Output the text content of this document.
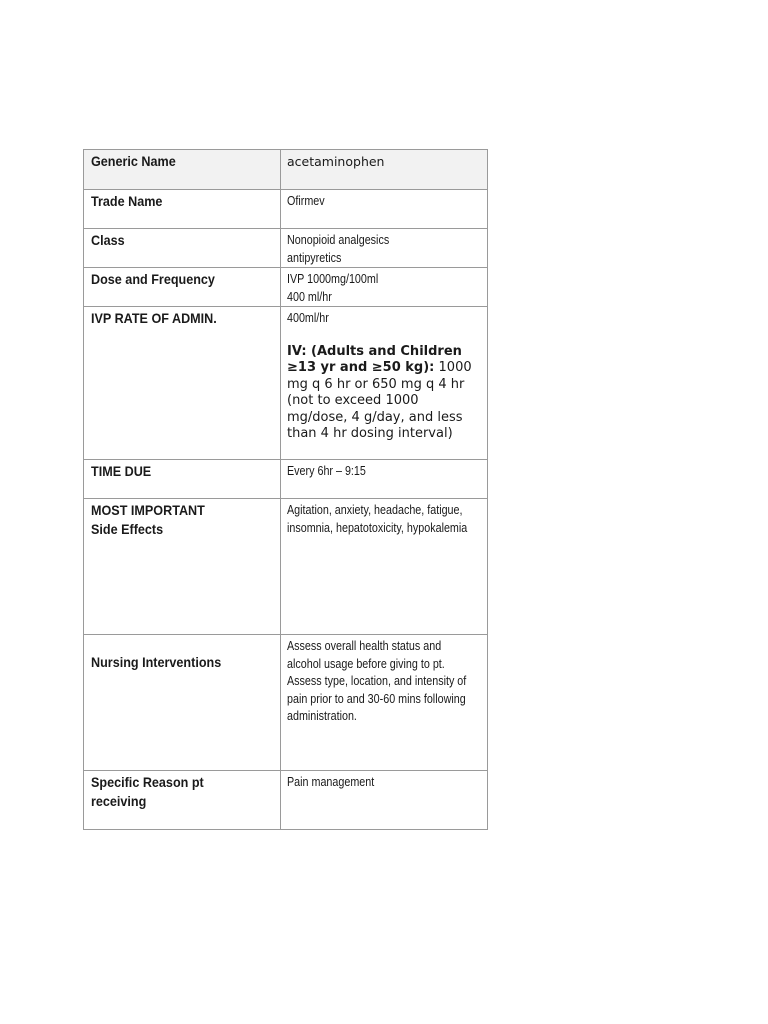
Generic Name	acetaminophen

Trade Name	Ofirmev

Class	Nonopioid analgesics
antipyretics

Dose and Frequency	IVP 1000mg/100ml
400 ml/hr

IVP RATE OF ADMIN.	400ml/hr
IV: (Adults and Children ≥13 yr and ≥50 kg): 1000 mg q 6 hr or 650 mg q 4 hr (not to exceed 1000 mg/dose, 4 g/day, and less than 4 hr dosing interval)

TIME DUE	Every 6hr – 9:15

MOST IMPORTANT
Side Effects	Agitation, anxiety, headache, fatigue, insomnia, hepatotoxicity, hypokalemia

Nursing Interventions	Assess overall health status and alcohol usage before giving to pt.
Assess type, location, and intensity of pain prior to and 30-60 mins following administration.

Specific Reason pt receiving	Pain management
